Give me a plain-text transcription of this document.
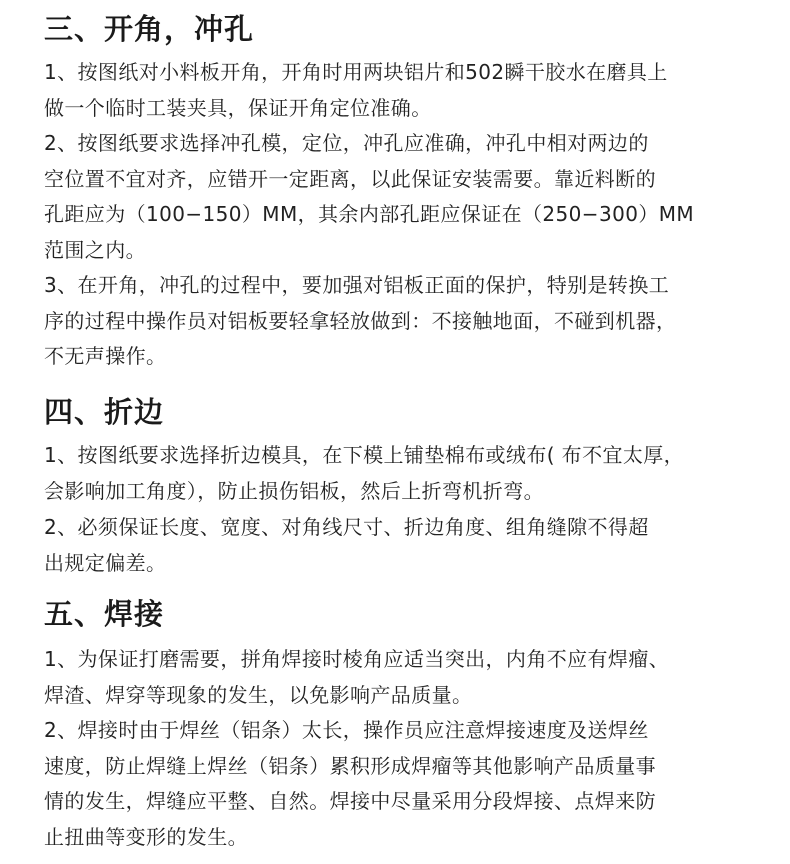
三、开角，冲孔

1、按图纸对小料板开角，开角时用两块铝片和502瞬干胶水在磨具上
做一个临时工装夹具，保证开角定位准确。

2、按图纸要求选择冲孔模，定位，冲孔应准确，冲孔中相对两边的
空位置不宜对齐，应错开一定距离，以此保证安装需要。靠近料断的
孔距应为（100−150）MM，其余内部孔距应保证在（250−300）MM
范围之内。

3、在开角，冲孔的过程中，要加强对铝板正面的保护，特别是转换工
序的过程中操作员对铝板要轻拿轻放做到：不接触地面，不碰到机器，
不无声操作。

四、折边

1、按图纸要求选择折边模具，在下模上铺垫棉布或绒布( 布不宜太厚，
会影响加工角度），防止损伤铝板，然后上折弯机折弯。

2、必须保证长度、宽度、对角线尺寸、折边角度、组角缝隙不得超
出规定偏差。

五、焊接

1、为保证打磨需要，拼角焊接时棱角应适当突出，内角不应有焊瘤、
焊渣、焊穿等现象的发生，以免影响产品质量。

2、焊接时由于焊丝（铝条）太长，操作员应注意焊接速度及送焊丝
速度，防止焊缝上焊丝（铝条）累积形成焊瘤等其他影响产品质量事
情的发生，焊缝应平整、自然。焊接中尽量采用分段焊接、点焊来防
止扭曲等变形的发生。
